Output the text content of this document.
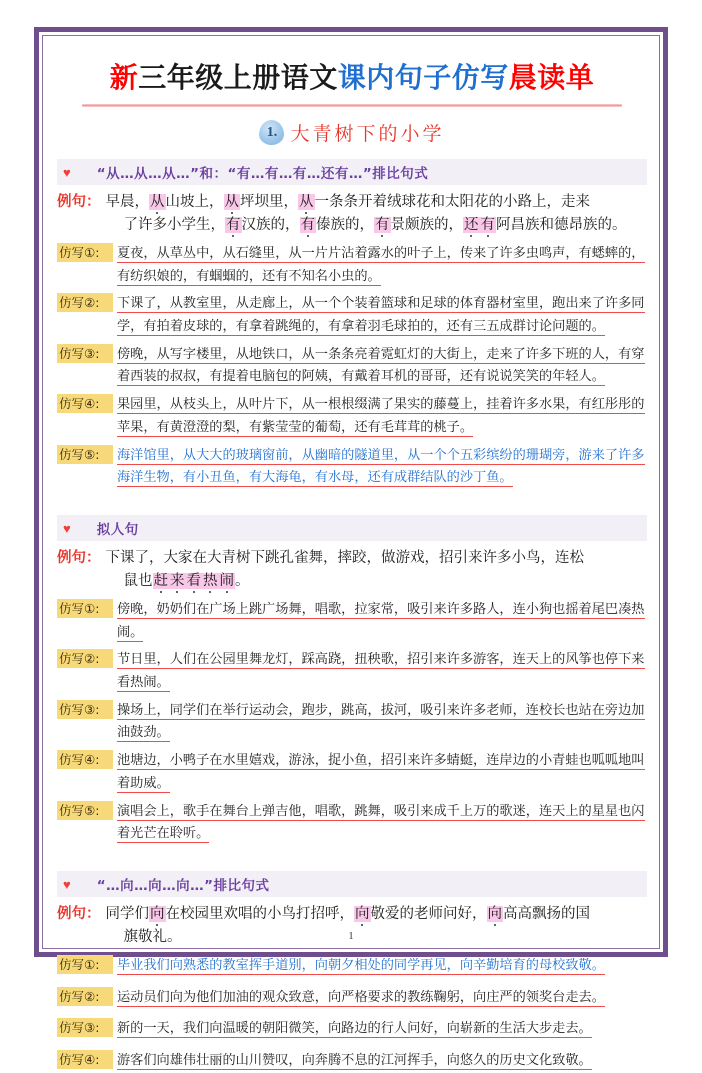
新三年级上册语文课内句子仿写晨读单
1. 大青树下的小学
♥ “从…从…从…”和：“有…有…有…还有…”排比句式
例句： 早晨，从山坡上，从坪坝里，从一条条开着绒球花和太阳花的小路上，走来
了许多小学生，有汉族的，有傣族的，有景颇族的，还 有阿昌族和德昂族的。
仿写①:	夏夜，从草丛中，从石缝里，从一片片沾着露水的叶子上，传来了许多虫鸣声，有蟋蟀的，有纺织娘的，有蝈蝈的，还有不知名小虫的。
仿写②:	下课了，从教室里，从走廊上，从一个个装着篮球和足球的体育器材室里，跑出来了许多同学，有拍着皮球的，有拿着跳绳的，有拿着羽毛球拍的，还有三五成群讨论问题的。
仿写③:	傍晚，从写字楼里，从地铁口，从一条条亮着霓虹灯的大街上，走来了许多下班的人，有穿着西装的叔叔，有提着电脑包的阿姨，有戴着耳机的哥哥，还有说说笑笑的年轻人。
仿写④:	果园里，从枝头上，从叶片下，从一根根缀满了果实的藤蔓上，挂着许多水果，有红彤彤的苹果，有黄澄澄的梨，有紫莹莹的葡萄，还有毛茸茸的桃子。
仿写⑤:	海洋馆里，从大大的玻璃窗前，从幽暗的隧道里，从一个个五彩缤纷的珊瑚旁，游来了许多海洋生物，有小丑鱼，有大海龟，有水母，还有成群结队的沙丁鱼。
♥ 拟人句
例句： 下课了，大家在大青树下跳孔雀舞，摔跤，做游戏，招引来许多小鸟，连松
鼠也赶 来 看 热 闹。
仿写①:	傍晚，奶奶们在广场上跳广场舞，唱歌，拉家常，吸引来许多路人，连小狗也摇着尾巴凑热闹。
仿写②:	节日里，人们在公园里舞龙灯，踩高跷，扭秧歌，招引来许多游客，连天上的风筝也停下来看热闹。
仿写③:	操场上，同学们在举行运动会，跑步，跳高，拔河，吸引来许多老师，连校长也站在旁边加油鼓劲。
仿写④:	池塘边，小鸭子在水里嬉戏，游泳，捉小鱼，招引来许多蜻蜓，连岸边的小青蛙也呱呱地叫着助威。
仿写⑤:	演唱会上，歌手在舞台上弹吉他，唱歌，跳舞，吸引来成千上万的歌迷，连天上的星星也闪着光芒在聆听。
♥ “…向…向…向…”排比句式
例句： 同学们向在校园里欢唱的小鸟打招呼，向敬爱的老师问好，向高高飘扬的国
旗敬礼。
仿写①:	毕业我们向熟悉的教室挥手道别，向朝夕相处的同学再见，向辛勤培育的母校致敬。
仿写②:	运动员们向为他们加油的观众致意，向严格要求的教练鞠躬，向庄严的领奖台走去。
仿写③:	新的一天，我们向温暖的朝阳微笑，向路边的行人问好，向崭新的生活大步走去。
仿写④:	游客们向雄伟壮丽的山川赞叹，向奔腾不息的江河挥手，向悠久的历史文化致敬。
1
